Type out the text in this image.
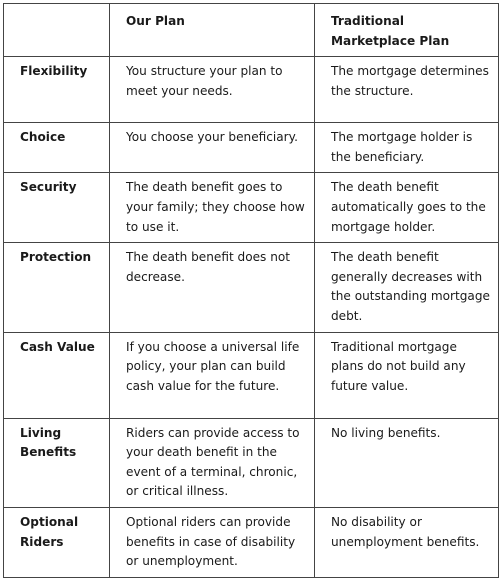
	Our Plan	Traditional Marketplace Plan
Flexibility	You structure your plan to meet your needs.	The mortgage determines the structure.
Choice	You choose your beneficiary.	The mortgage holder is the beneficiary.
Security	The death benefit goes to your family; they choose how to use it.	The death benefit automatically goes to the mortgage holder.
Protection	The death benefit does not decrease.	The death benefit generally decreases with the outstanding mortgage debt.
Cash Value	If you choose a universal life policy, your plan can build cash value for the future.	Traditional mortgage plans do not build any future value.
Living Benefits	Riders can provide access to your death benefit in the event of a terminal, chronic, or critical illness.	No living benefits.
Optional Riders	Optional riders can provide benefits in case of disability or unemployment.	No disability or unemployment benefits.
